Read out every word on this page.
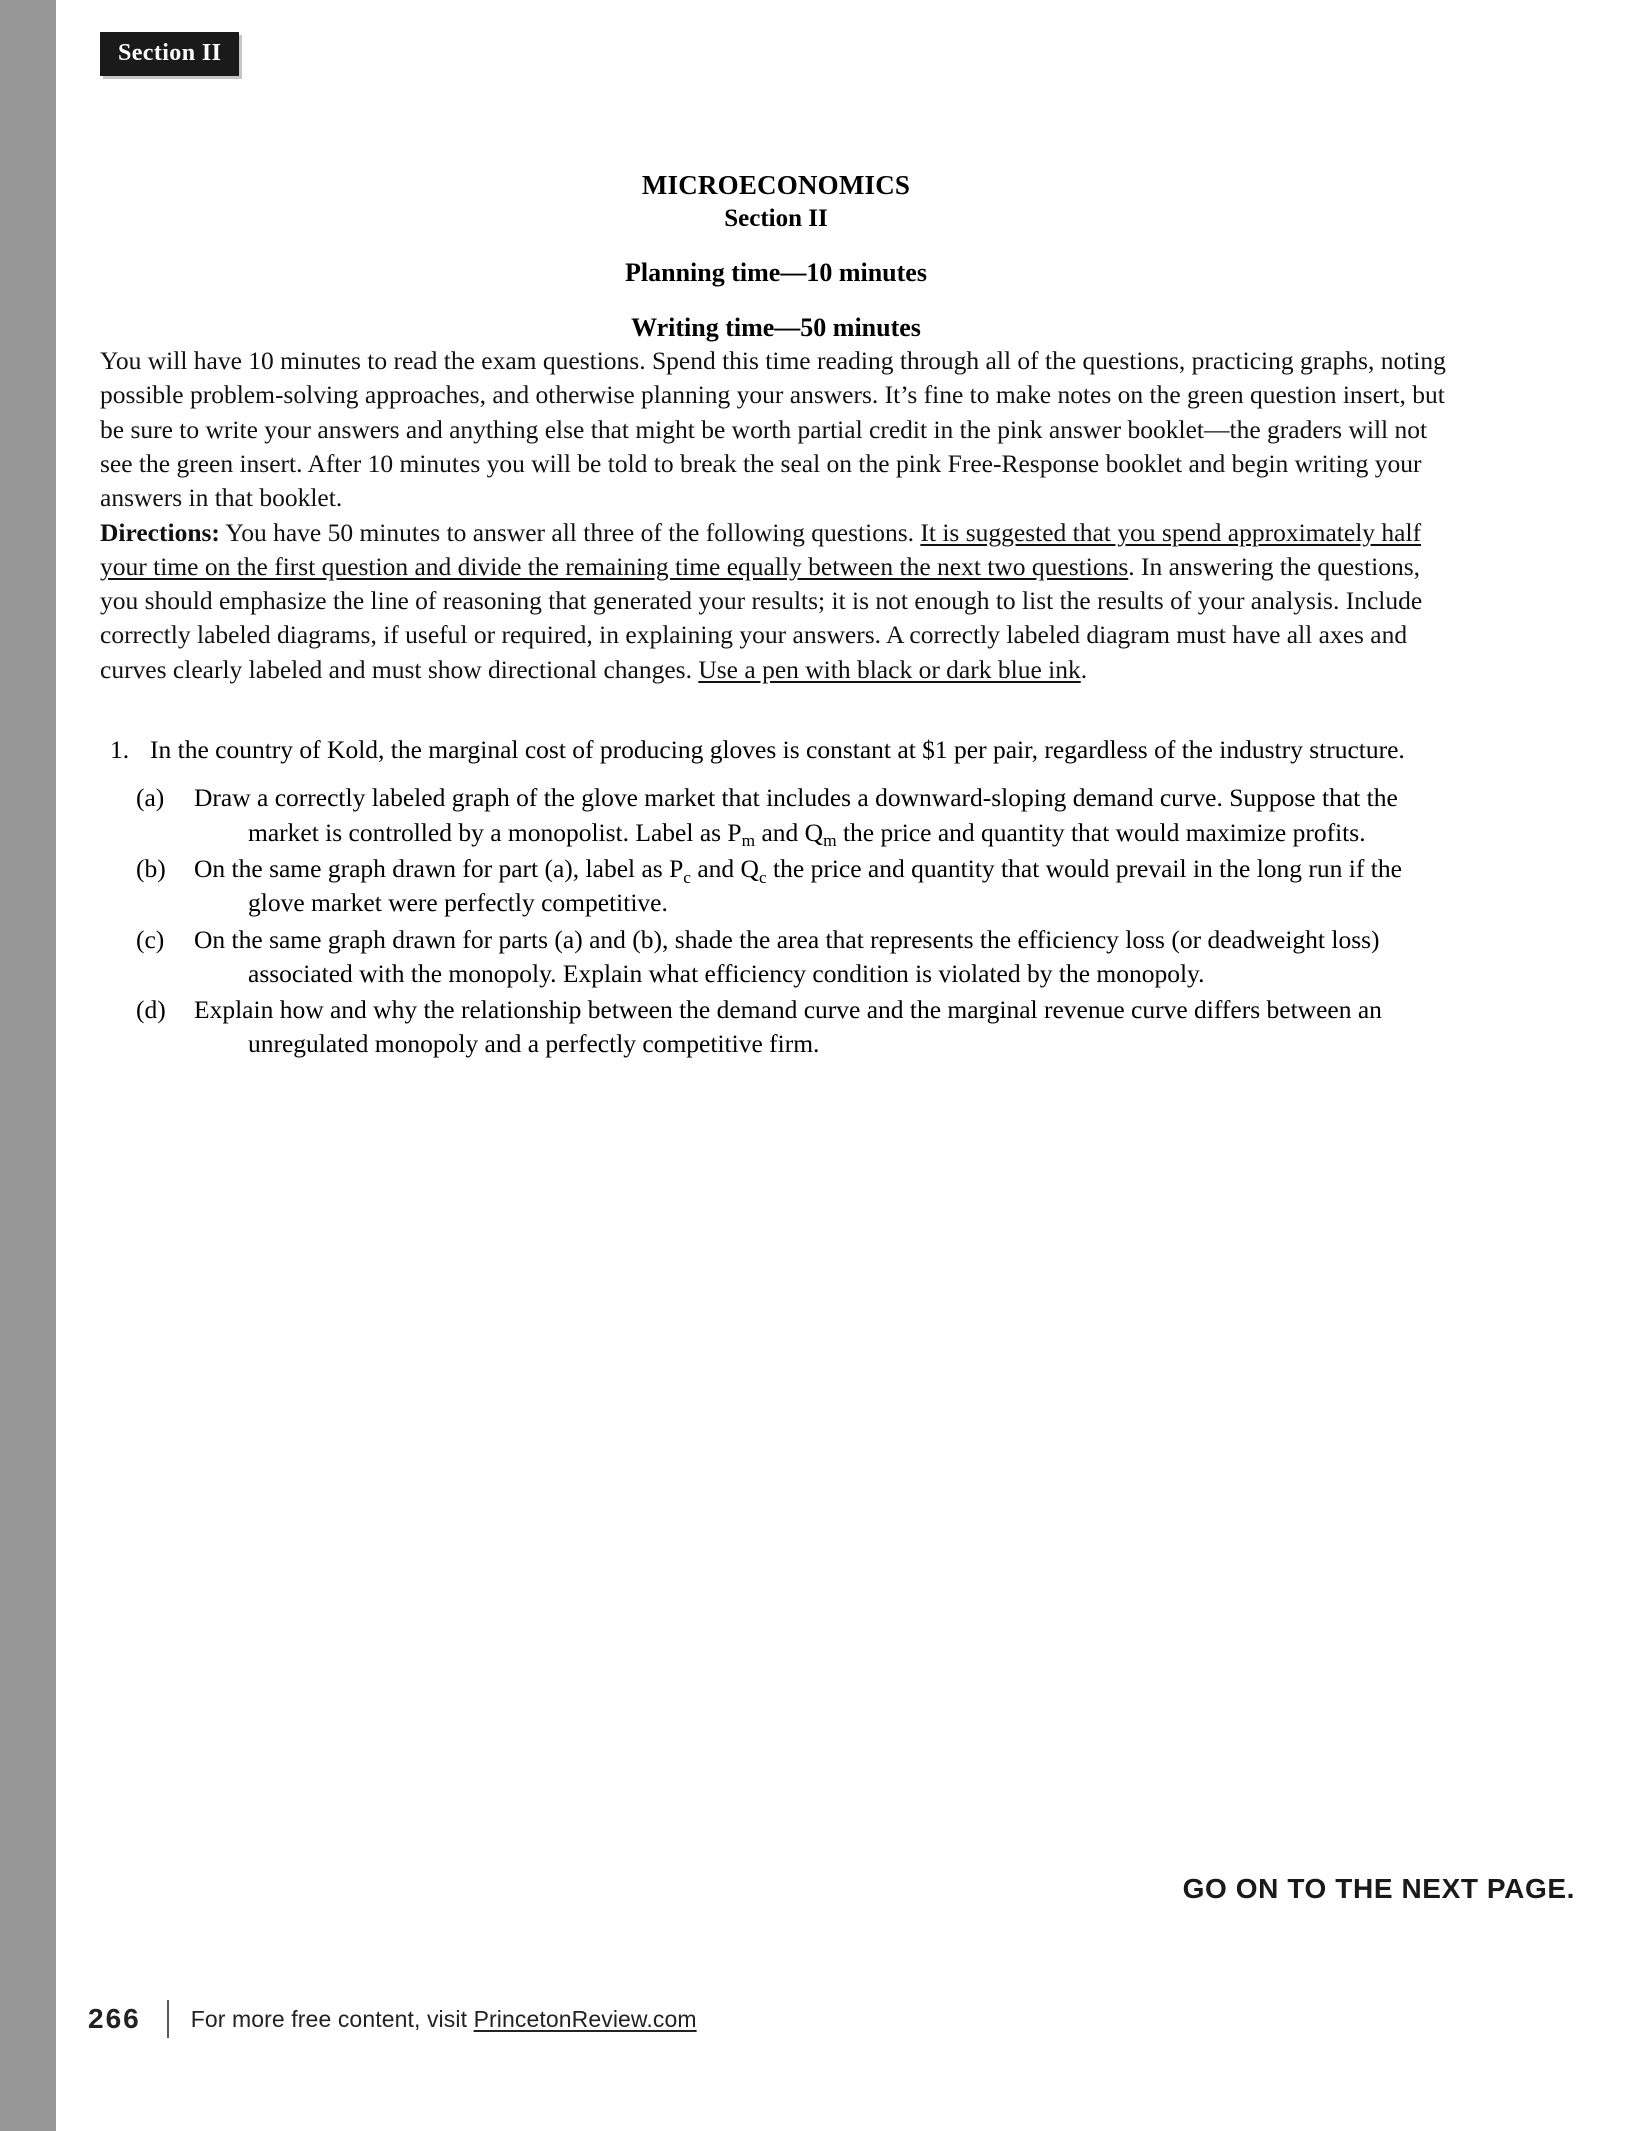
Section II
MICROECONOMICS
Section II
Planning time—10 minutes
Writing time—50 minutes

You will have 10 minutes to read the exam questions. Spend this time reading through all of the questions, practicing graphs, noting possible problem-solving approaches, and otherwise planning your answers. It’s fine to make notes on the green question insert, but be sure to write your answers and anything else that might be worth partial credit in the pink answer booklet—the graders will not see the green insert. After 10 minutes you will be told to break the seal on the pink Free-Response booklet and begin writing your answers in that booklet.

Directions: You have 50 minutes to answer all three of the following questions. It is suggested that you spend approximately half your time on the first question and divide the remaining time equally between the next two questions. In answering the questions, you should emphasize the line of reasoning that generated your results; it is not enough to list the results of your analysis. Include correctly labeled diagrams, if useful or required, in explaining your answers. A correctly labeled diagram must have all axes and curves clearly labeled and must show directional changes. Use a pen with black or dark blue ink.

1. In the country of Kold, the marginal cost of producing gloves is constant at $1 per pair, regardless of the industry structure.
(a)	Draw a correctly labeled graph of the glove market that includes a downward-sloping demand curve. Suppose that the market is controlled by a monopolist. Label as $P_m$ and $Q_m$ the price and quantity that would maximize profits.
(b)	On the same graph drawn for part (a), label as $P_c$ and $Q_c$ the price and quantity that would prevail in the long run if the glove market were perfectly competitive.
(c)	On the same graph drawn for parts (a) and (b), shade the area that represents the efficiency loss (or deadweight loss) associated with the monopoly. Explain what efficiency condition is violated by the monopoly.
(d)	Explain how and why the relationship between the demand curve and the marginal revenue curve differs between an unregulated monopoly and a perfectly competitive firm.
GO ON TO THE NEXT PAGE.
266 For more free content, visit PrincetonReview.com
